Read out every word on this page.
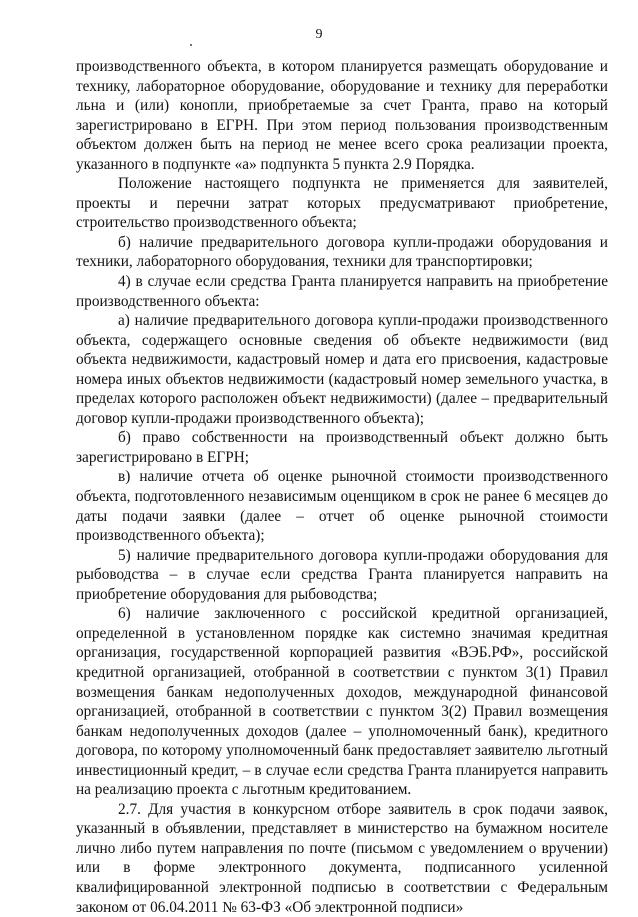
9

производственного объекта, в котором планируется размещать оборудование и технику, лабораторное оборудование, оборудование и технику для переработки льна и (или) конопли, приобретаемые за счет Гранта, право на который зарегистрировано в ЕГРН. При этом период пользования производственным объектом должен быть на период не менее всего срока реализации проекта, указанного в подпункте «а» подпункта 5 пункта 2.9 Порядка.

Положение настоящего подпункта не применяется для заявителей, проекты и перечни затрат которых предусматривают приобретение, строительство производственного объекта;

б) наличие предварительного договора купли-продажи оборудования и техники, лабораторного оборудования, техники для транспортировки;

4) в случае если средства Гранта планируется направить на приобретение производственного объекта:

а) наличие предварительного договора купли-продажи производственного объекта, содержащего основные сведения об объекте недвижимости (вид объекта недвижимости, кадастровый номер и дата его присвоения, кадастровые номера иных объектов недвижимости (кадастровый номер земельного участка, в пределах которого расположен объект недвижимости) (далее – предварительный договор купли-продажи производственного объекта);

б) право собственности на производственный объект должно быть зарегистрировано в ЕГРН;

в) наличие отчета об оценке рыночной стоимости производственного объекта, подготовленного независимым оценщиком в срок не ранее 6 месяцев до даты подачи заявки (далее – отчет об оценке рыночной стоимости производственного объекта);

5) наличие предварительного договора купли-продажи оборудования для рыбоводства – в случае если средства Гранта планируется направить на приобретение оборудования для рыбоводства;

6) наличие заключенного с российской кредитной организацией, определенной в установленном порядке как системно значимая кредитная организация, государственной корпорацией развития «ВЭБ.РФ», российской кредитной организацией, отобранной в соответствии с пунктом 3(1) Правил возмещения банкам недополученных доходов, международной финансовой организацией, отобранной в соответствии с пунктом 3(2) Правил возмещения банкам недополученных доходов (далее – уполномоченный банк), кредитного договора, по которому уполномоченный банк предоставляет заявителю льготный инвестиционный кредит, – в случае если средства Гранта планируется направить на реализацию проекта с льготным кредитованием.

2.7. Для участия в конкурсном отборе заявитель в срок подачи заявок, указанный в объявлении, представляет в министерство на бумажном носителе лично либо путем направления по почте (письмом с уведомлением о вручении) или в форме электронного документа, подписанного усиленной квалифицированной электронной подписью в соответствии с Федеральным законом от 06.04.2011 № 63-ФЗ «Об электронной подписи»
